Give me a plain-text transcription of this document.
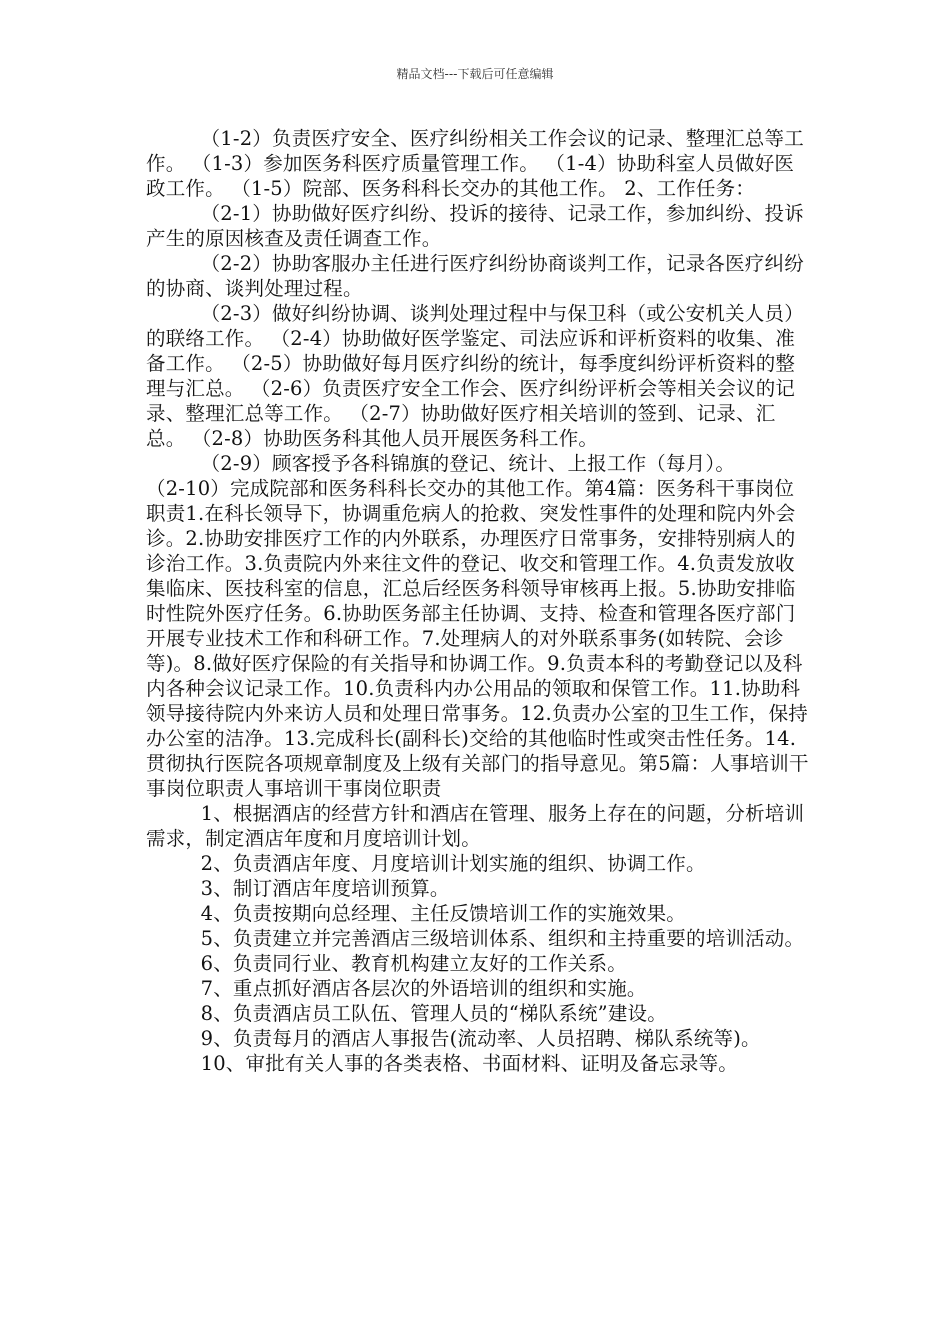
精品文档---下载后可任意编辑

（1-2）负责医疗安全、医疗纠纷相关工作会议的记录、整理汇总等工作。 （1-3）参加医务科医疗质量管理工作。 （1-4）协助科室人员做好医政工作。 （1-5）院部、医务科科长交办的其他工作。 2、工作任务：

（2-1）协助做好医疗纠纷、投诉的接待、记录工作，参加纠纷、投诉产生的原因核查及责任调查工作。

（2-2）协助客服办主任进行医疗纠纷协商谈判工作，记录各医疗纠纷的协商、谈判处理过程。

（2-3）做好纠纷协调、谈判处理过程中与保卫科（或公安机关人员）的联络工作。 （2-4）协助做好医学鉴定、司法应诉和评析资料的收集、准备工作。 （2-5）协助做好每月医疗纠纷的统计，每季度纠纷评析资料的整理与汇总。 （2-6）负责医疗安全工作会、医疗纠纷评析会等相关会议的记录、整理汇总等工作。 （2-7）协助做好医疗相关培训的签到、记录、汇总。 （2-8）协助医务科其他人员开展医务科工作。

（2-9）顾客授予各科锦旗的登记、统计、上报工作（每月）。

（2-10）完成院部和医务科科长交办的其他工作。第4篇：医务科干事岗位职责1.在科长领导下，协调重危病人的抢救、突发性事件的处理和院内外会诊。2.协助安排医疗工作的内外联系，办理医疗日常事务，安排特别病人的诊治工作。3.负责院内外来往文件的登记、收交和管理工作。4.负责发放收集临床、医技科室的信息，汇总后经医务科领导审核再上报。5.协助安排临时性院外医疗任务。6.协助医务部主任协调、支持、检查和管理各医疗部门开展专业技术工作和科研工作。7.处理病人的对外联系事务(如转院、会诊等)。8.做好医疗保险的有关指导和协调工作。9.负责本科的考勤登记以及科内各种会议记录工作。10.负责科内办公用品的领取和保管工作。11.协助科领导接待院内外来访人员和处理日常事务。12.负责办公室的卫生工作，保持办公室的洁净。13.完成科长(副科长)交给的其他临时性或突击性任务。14.贯彻执行医院各项规章制度及上级有关部门的指导意见。第5篇：人事培训干事岗位职责人事培训干事岗位职责

1、根据酒店的经营方针和酒店在管理、服务上存在的问题，分析培训需求，制定酒店年度和月度培训计划。

2、负责酒店年度、月度培训计划实施的组织、协调工作。

3、制订酒店年度培训预算。

4、负责按期向总经理、主任反馈培训工作的实施效果。

5、负责建立并完善酒店三级培训体系、组织和主持重要的培训活动。

6、负责同行业、教育机构建立友好的工作关系。

7、重点抓好酒店各层次的外语培训的组织和实施。

8、负责酒店员工队伍、管理人员的“梯队系统”建设。

9、负责每月的酒店人事报告(流动率、人员招聘、梯队系统等)。

10、审批有关人事的各类表格、书面材料、证明及备忘录等。
